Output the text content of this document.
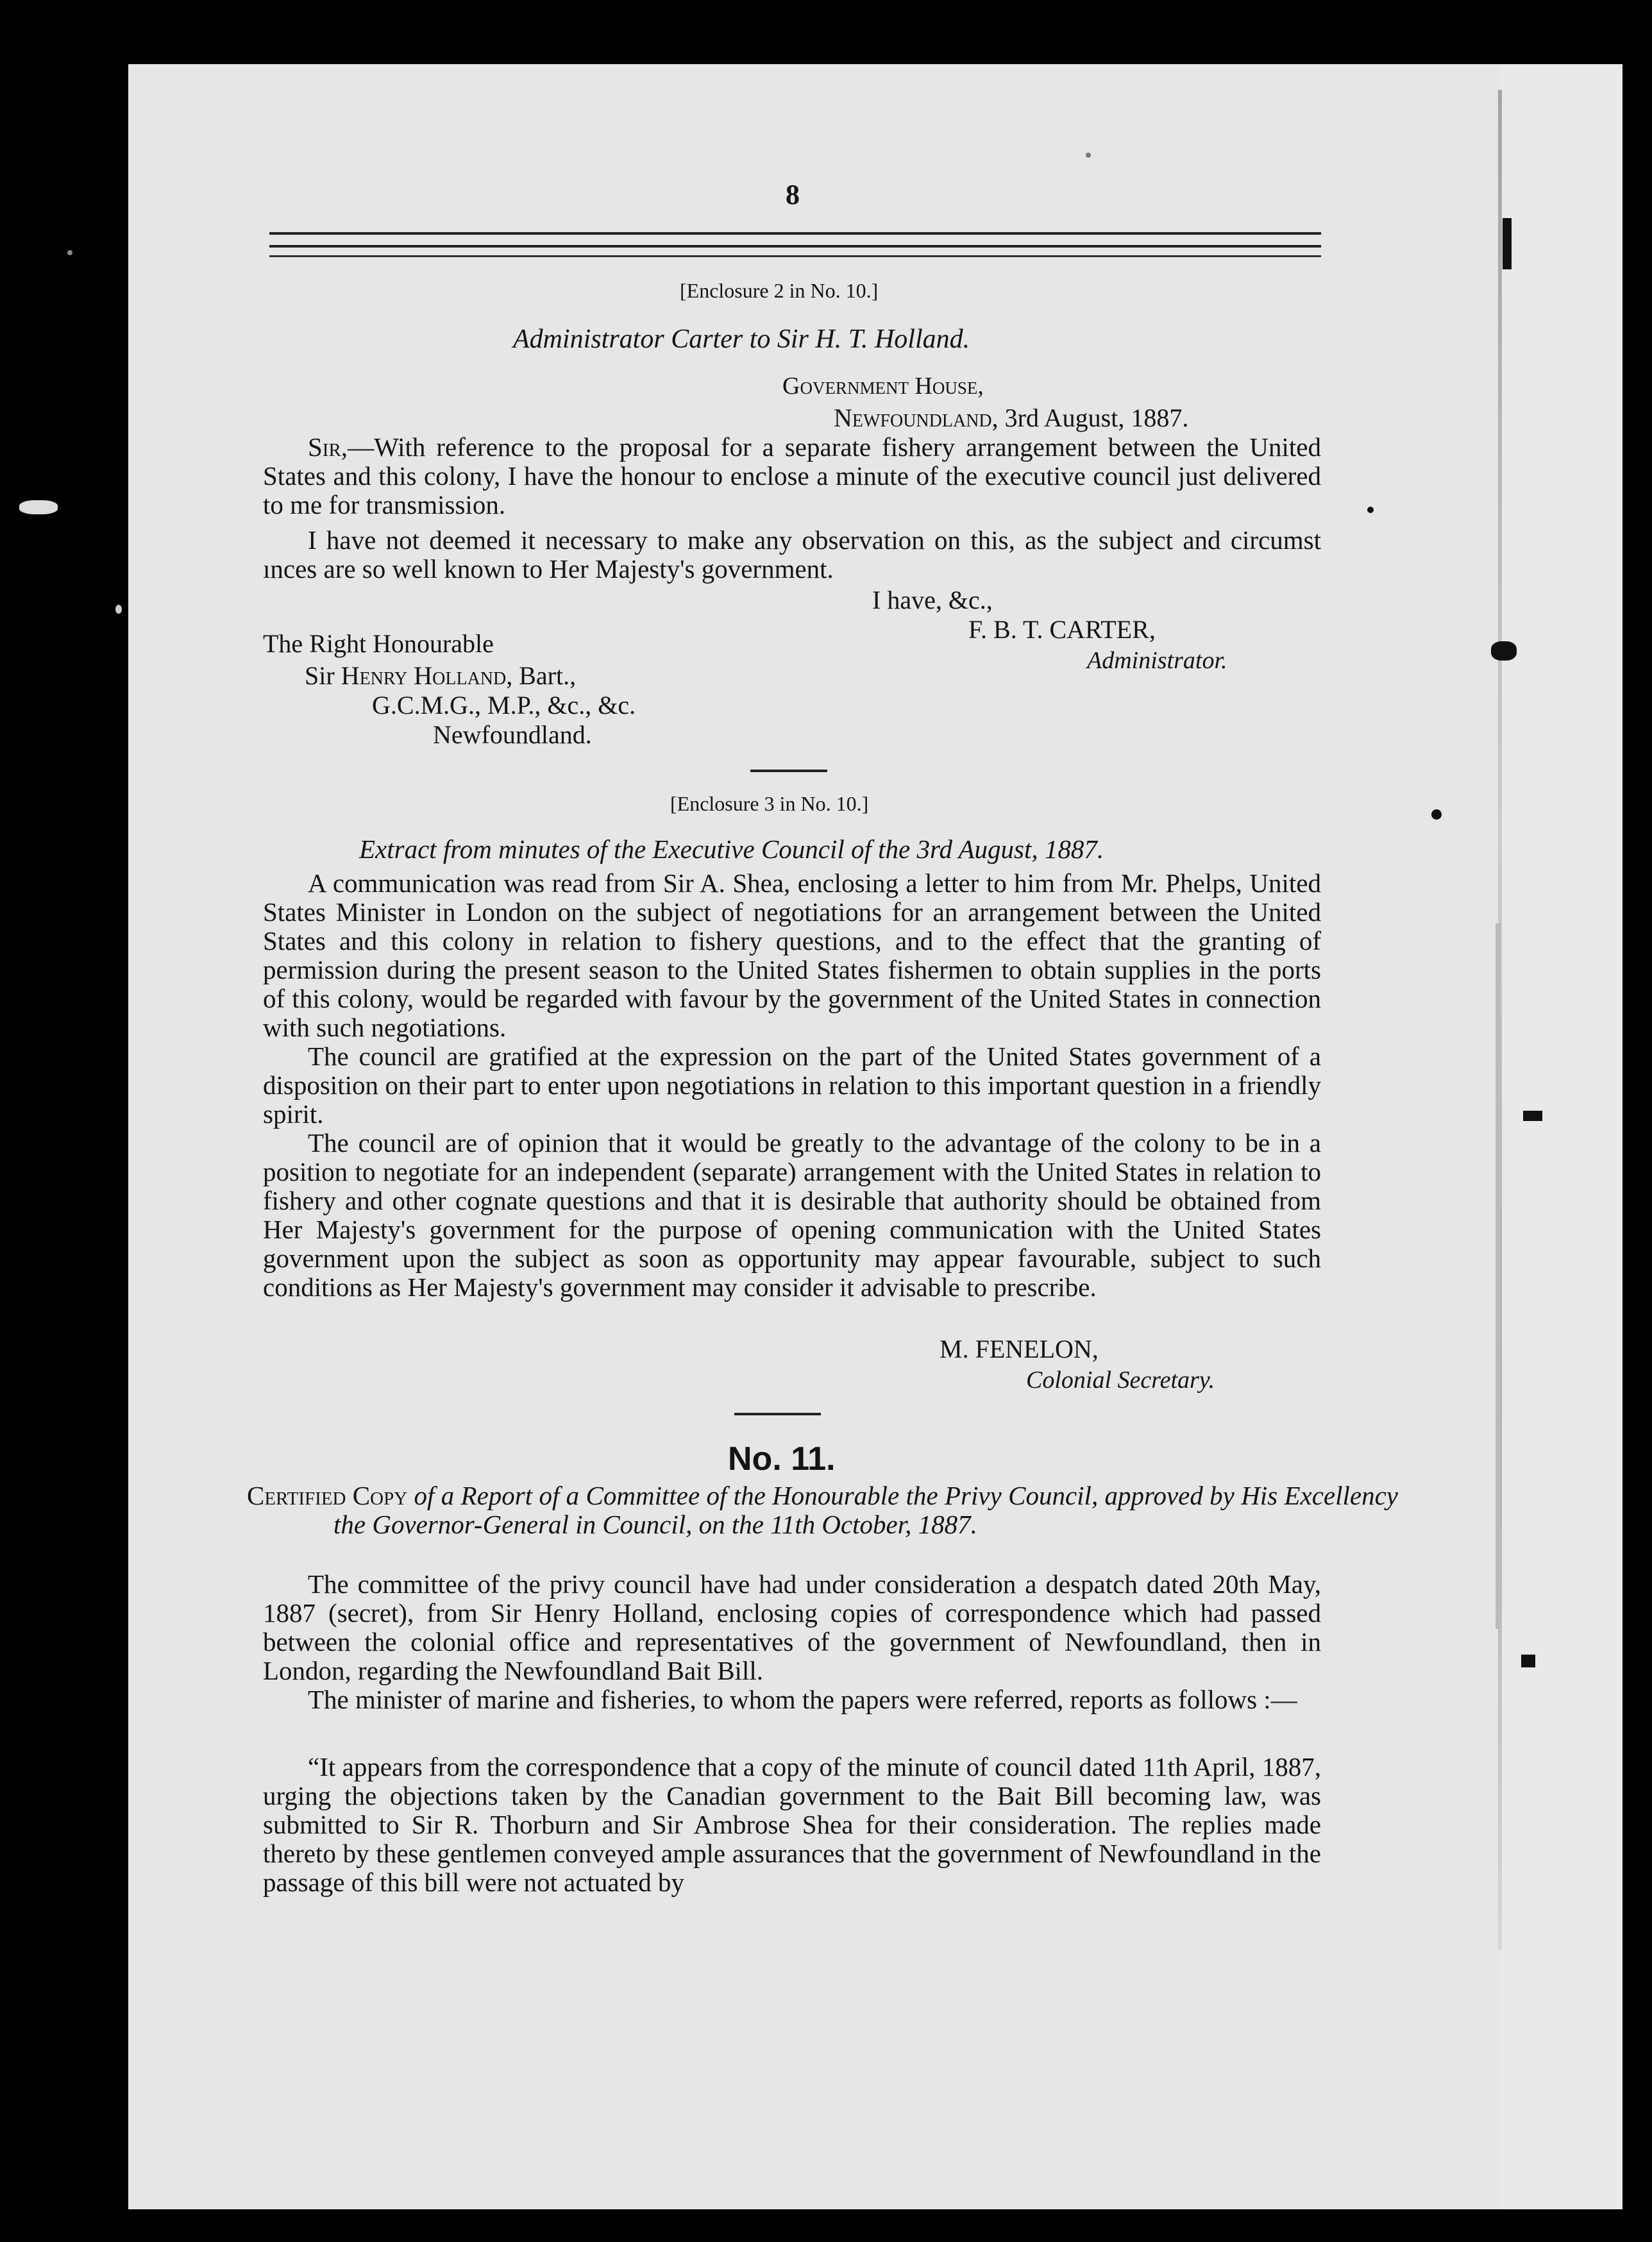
8
[Enclosure 2 in No. 10.]
Administrator Carter to Sir H. T. Holland.
Government House,
Newfoundland, 3rd August, 1887.
Sir,—With reference to the proposal for a separate fishery arrangement between the United States and this colony, I have the honour to enclose a minute of the executive council just delivered to me for transmission.
I have not deemed it necessary to make any observation on this, as the subject and circumst ınces are so well known to Her Majesty's government.
I have, &c.,
F. B. T. CARTER,
The Right Honourable
Administrator.
Sir Henry Holland, Bart.,
G.C.M.G., M.P., &c., &c.
Newfoundland.
[Enclosure 3 in No. 10.]
Extract from minutes of the Executive Council of the 3rd August, 1887.
A communication was read from Sir A. Shea, enclosing a letter to him from Mr. Phelps, United States Minister in London on the subject of negotiations for an arrangement between the United States and this colony in relation to fishery questions, and to the effect that the granting of permission during the present season to the United States fishermen to obtain supplies in the ports of this colony, would be regarded with favour by the government of the United States in connection with such negotiations.
The council are gratified at the expression on the part of the United States government of a disposition on their part to enter upon negotiations in relation to this important question in a friendly spirit.
The council are of opinion that it would be greatly to the advantage of the colony to be in a position to negotiate for an independent (separate) arrangement with the United States in relation to fishery and other cognate questions and that it is desirable that authority should be obtained from Her Majesty's government for the purpose of opening communication with the United States government upon the subject as soon as opportunity may appear favourable, subject to such conditions as Her Majesty's government may consider it advisable to prescribe.
M. FENELON,
Colonial Secretary.
No. 11.
Certified Copy of a Report of a Committee of the Honourable the Privy Council, approved by His Excellency the Governor-General in Council, on the 11th October, 1887.
The committee of the privy council have had under consideration a despatch dated 20th May, 1887 (secret), from Sir Henry Holland, enclosing copies of correspondence which had passed between the colonial office and representatives of the government of Newfoundland, then in London, regarding the Newfoundland Bait Bill.
The minister of marine and fisheries, to whom the papers were referred, reports as follows :—
“It appears from the correspondence that a copy of the minute of council dated 11th April, 1887, urging the objections taken by the Canadian government to the Bait Bill becoming law, was submitted to Sir R. Thorburn and Sir Ambrose Shea for their consideration. The replies made thereto by these gentlemen conveyed ample assurances that the government of Newfoundland in the passage of this bill were not actuated by
